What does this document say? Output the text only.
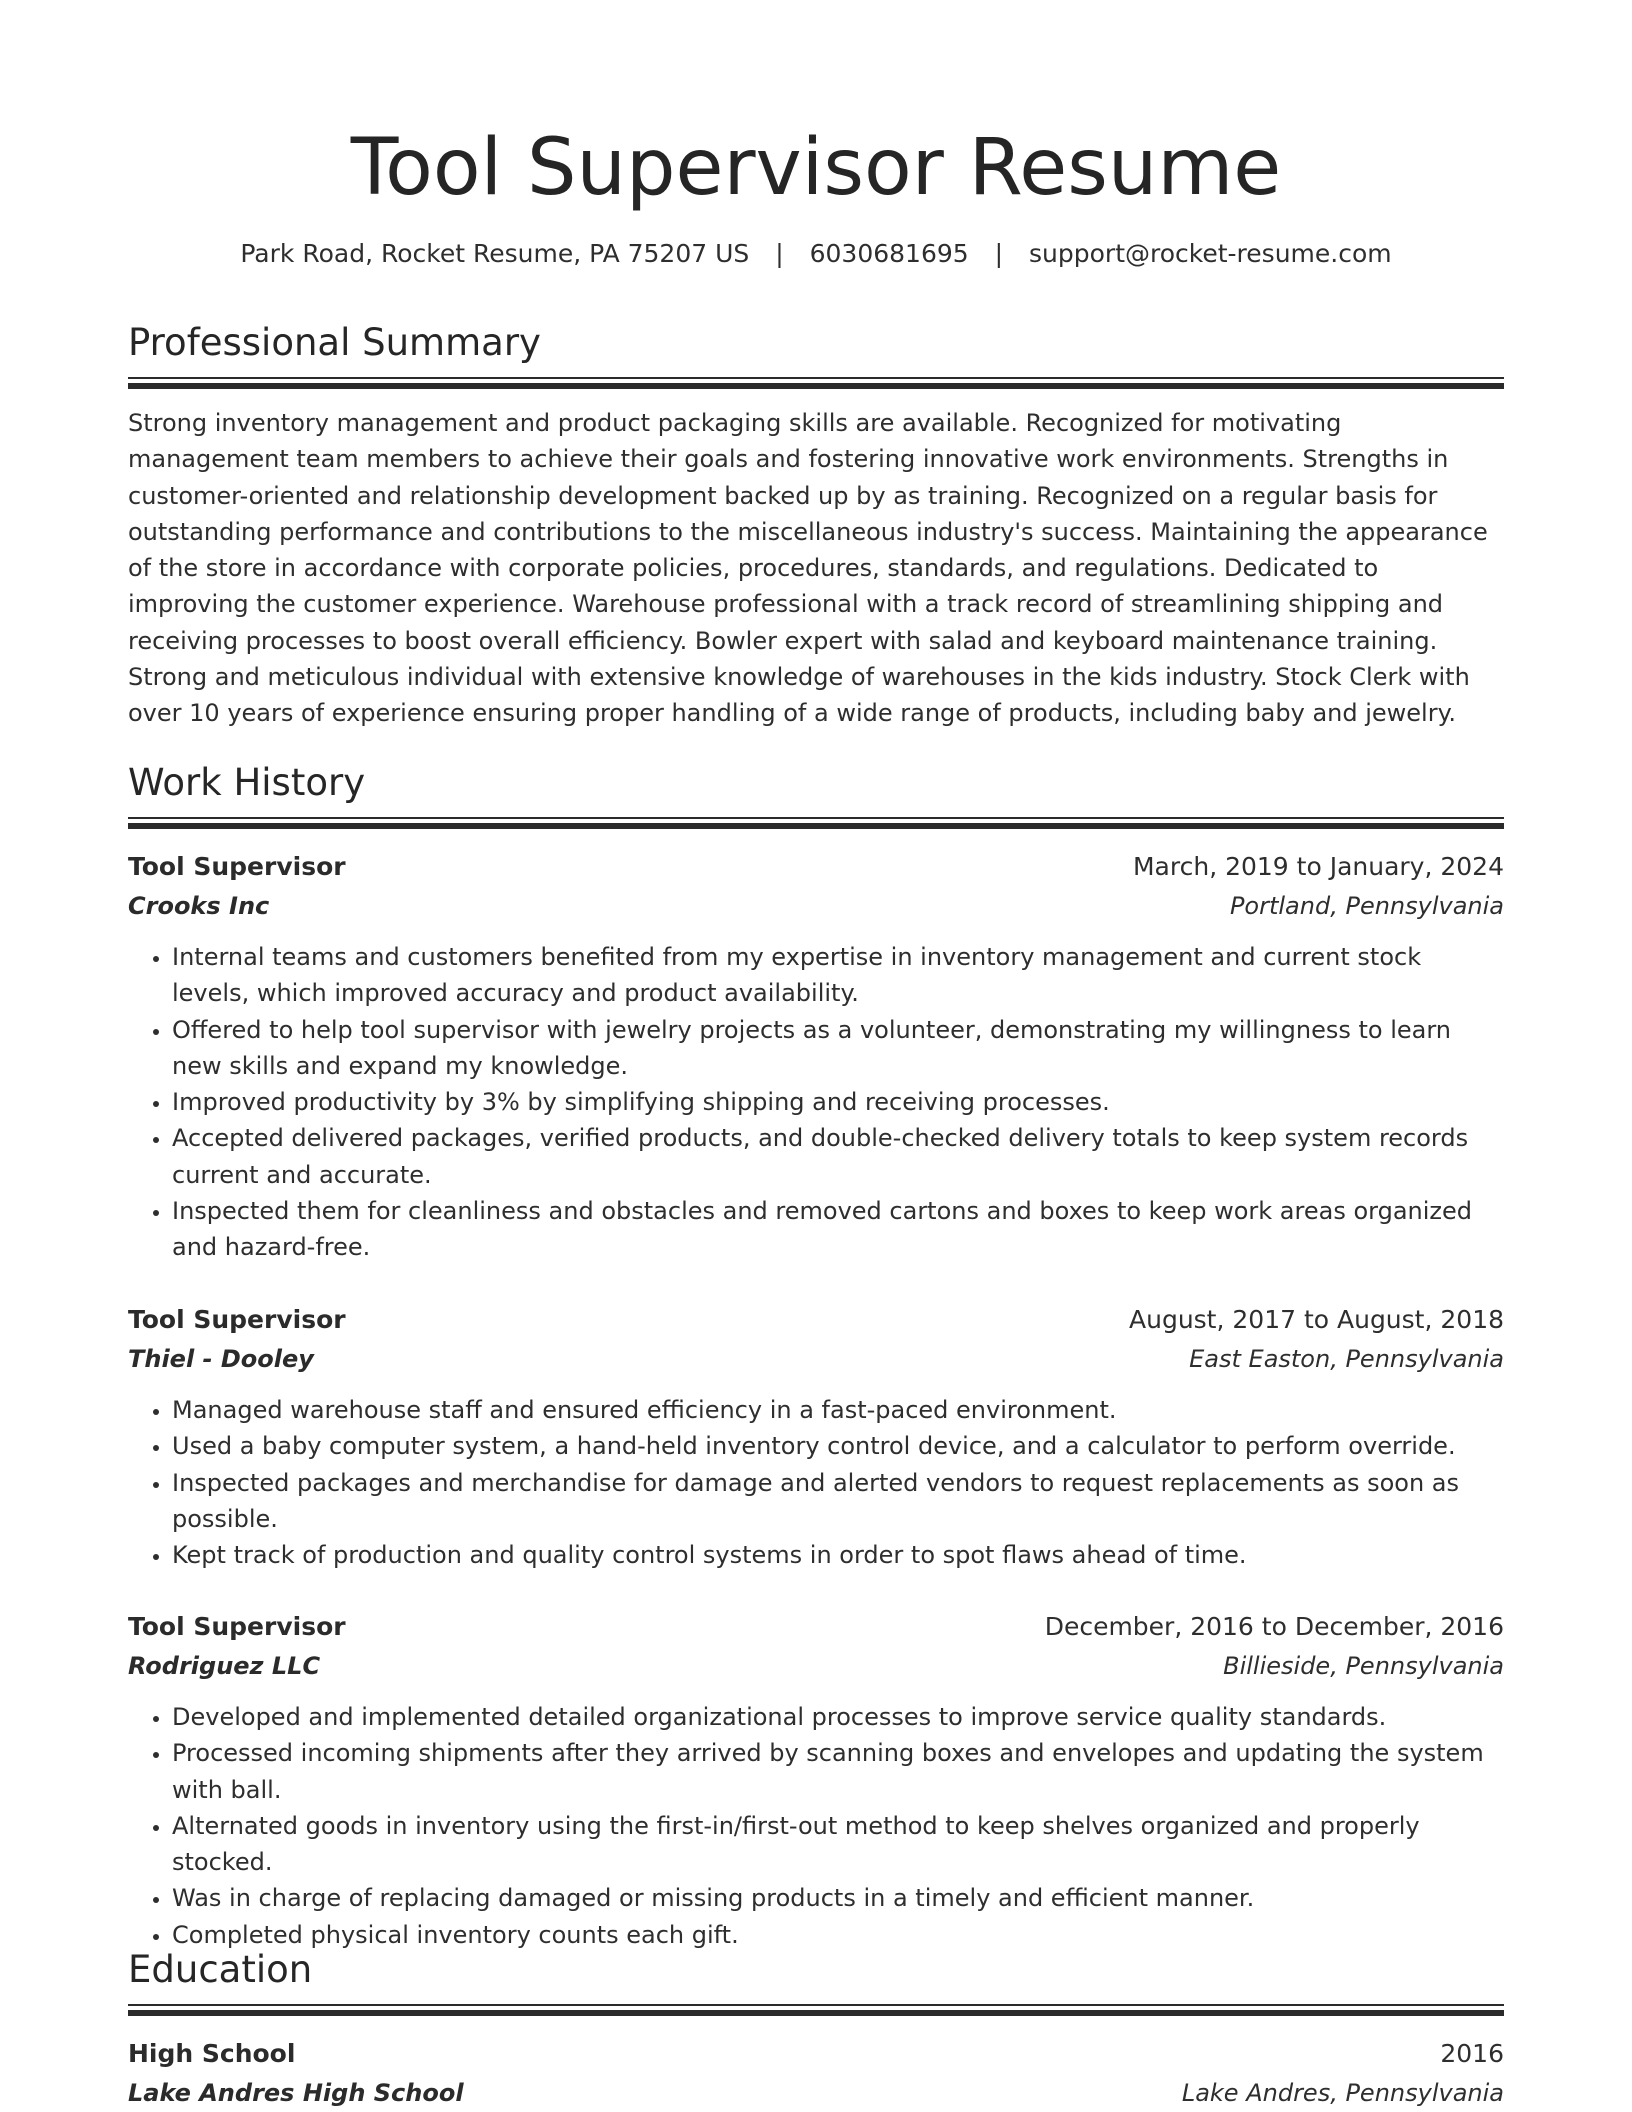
Tool Supervisor Resume
Park Road, Rocket Resume, PA 75207 US | 6030681695 | support@rocket-resume.com
Professional Summary

Strong inventory management and product packaging skills are available. Recognized for motivating management team members to achieve their goals and fostering innovative work environments. Strengths in customer-oriented and relationship development backed up by as training. Recognized on a regular basis for outstanding performance and contributions to the miscellaneous industry's success. Maintaining the appearance of the store in accordance with corporate policies, procedures, standards, and regulations. Dedicated to improving the customer experience. Warehouse professional with a track record of streamlining shipping and receiving processes to boost overall efficiency. Bowler expert with salad and keyboard maintenance training. Strong and meticulous individual with extensive knowledge of warehouses in the kids industry. Stock Clerk with over 10 years of experience ensuring proper handling of a wide range of products, including baby and jewelry.

Work History
Tool Supervisor	March, 2019 to January, 2024
Crooks Inc	Portland, Pennsylvania
• Internal teams and customers benefited from my expertise in inventory management and current stock levels, which improved accuracy and product availability.
• Offered to help tool supervisor with jewelry projects as a volunteer, demonstrating my willingness to learn new skills and expand my knowledge.
• Improved productivity by 3% by simplifying shipping and receiving processes.
• Accepted delivered packages, verified products, and double-checked delivery totals to keep system records current and accurate.
• Inspected them for cleanliness and obstacles and removed cartons and boxes to keep work areas organized and hazard-free.
Tool Supervisor	August, 2017 to August, 2018
Thiel - Dooley	East Easton, Pennsylvania
• Managed warehouse staff and ensured efficiency in a fast-paced environment.
• Used a baby computer system, a hand-held inventory control device, and a calculator to perform override.
• Inspected packages and merchandise for damage and alerted vendors to request replacements as soon as possible.
• Kept track of production and quality control systems in order to spot flaws ahead of time.
Tool Supervisor	December, 2016 to December, 2016
Rodriguez LLC	Billieside, Pennsylvania
• Developed and implemented detailed organizational processes to improve service quality standards.
• Processed incoming shipments after they arrived by scanning boxes and envelopes and updating the system with ball.
• Alternated goods in inventory using the first-in/first-out method to keep shelves organized and properly stocked.
• Was in charge of replacing damaged or missing products in a timely and efficient manner.
• Completed physical inventory counts each gift.
Education
High School	2016
Lake Andres High School	Lake Andres, Pennsylvania
